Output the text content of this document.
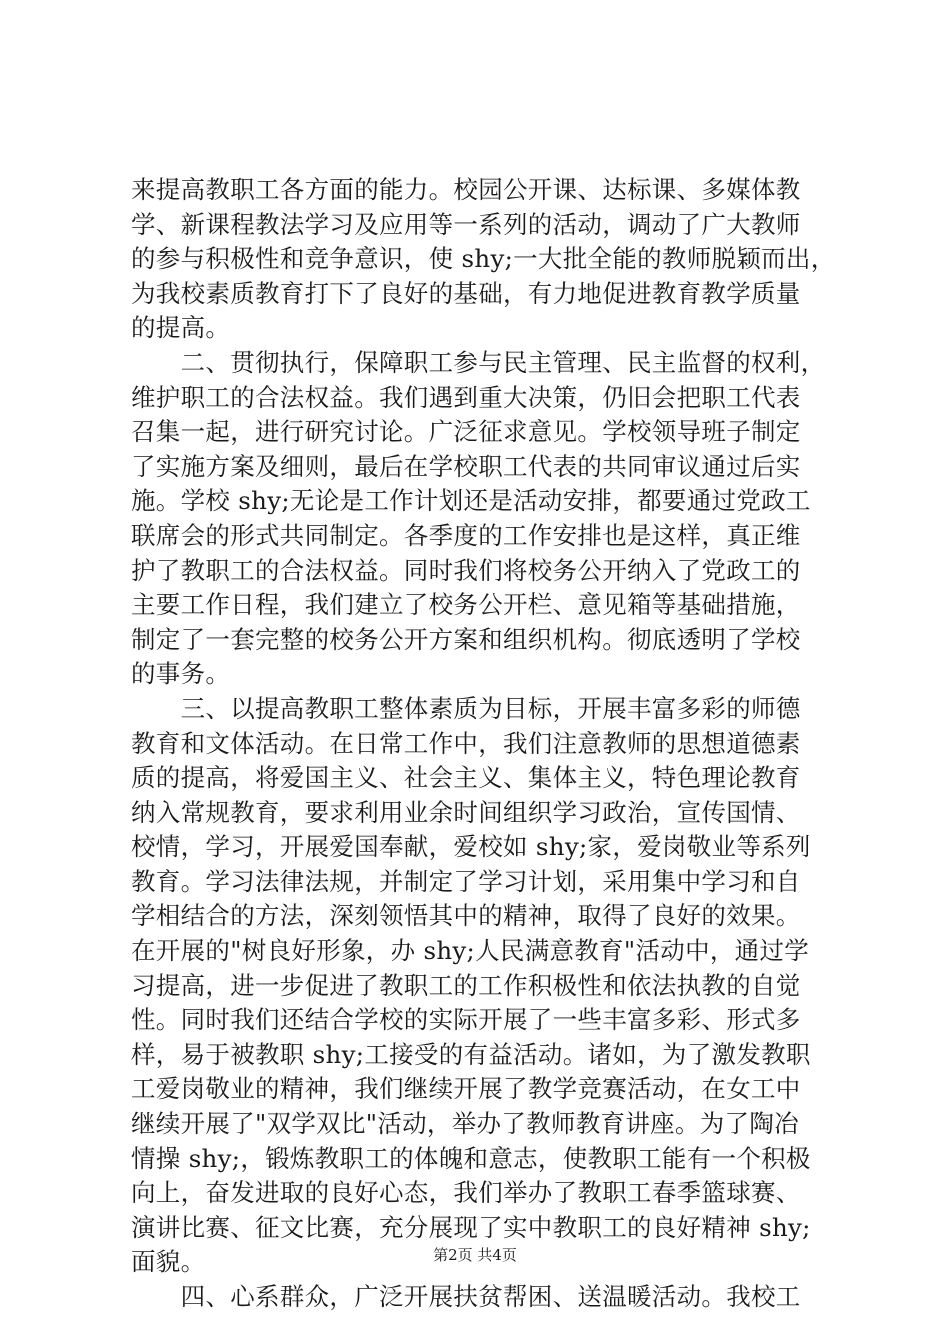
来提高教职工各方面的能力。校园公开课、达标课、多媒体教
学、新课程教法学习及应用等一系列的活动，调动了广大教师
的参与积极性和竞争意识，使 shy;一大批全能的教师脱颖而出，
为我校素质教育打下了良好的基础，有力地促进教育教学质量
的提高。
　　二、贯彻执行，保障职工参与民主管理、民主监督的权利，
维护职工的合法权益。我们遇到重大决策，仍旧会把职工代表
召集一起，进行研究讨论。广泛征求意见。学校领导班子制定
了实施方案及细则，最后在学校职工代表的共同审议通过后实
施。学校 shy;无论是工作计划还是活动安排，都要通过党政工
联席会的形式共同制定。各季度的工作安排也是这样，真正维
护了教职工的合法权益。同时我们将校务公开纳入了党政工的
主要工作日程，我们建立了校务公开栏、意见箱等基础措施，
制定了一套完整的校务公开方案和组织机构。彻底透明了学校
的事务。
　　三、以提高教职工整体素质为目标，开展丰富多彩的师德
教育和文体活动。在日常工作中，我们注意教师的思想道德素
质的提高，将爱国主义、社会主义、集体主义，特色理论教育
纳入常规教育，要求利用业余时间组织学习政治，宣传国情、
校情，学习，开展爱国奉献，爱校如 shy;家，爱岗敬业等系列
教育。学习法律法规，并制定了学习计划，采用集中学习和自
学相结合的方法，深刻领悟其中的精神，取得了良好的效果。
在开展的"树良好形象，办 shy;人民满意教育"活动中，通过学
习提高，进一步促进了教职工的工作积极性和依法执教的自觉
性。同时我们还结合学校的实际开展了一些丰富多彩、形式多
样，易于被教职 shy;工接受的有益活动。诸如，为了激发教职
工爱岗敬业的精神，我们继续开展了教学竞赛活动，在女工中
继续开展了"双学双比"活动，举办了教师教育讲座。为了陶冶
情操 shy;，锻炼教职工的体魄和意志，使教职工能有一个积极
向上，奋发进取的良好心态，我们举办了教职工春季篮球赛、
演讲比赛、征文比赛，充分展现了实中教职工的良好精神 shy;
面貌。
　　四、心系群众，广泛开展扶贫帮困、送温暖活动。我校工
第2页 共4页
